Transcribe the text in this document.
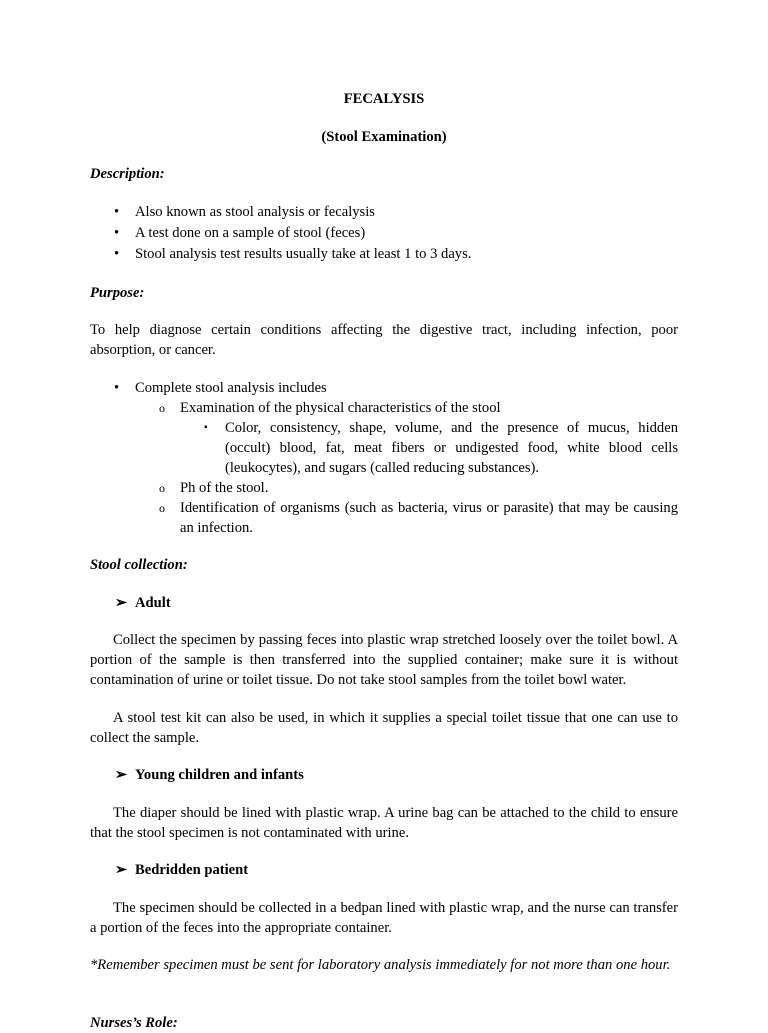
FECALYSIS
(Stool Examination)
Description:
• Also known as stool analysis or fecalysis
• A test done on a sample of stool (feces)
• Stool analysis test results usually take at least 1 to 3 days.
Purpose:
To help diagnose certain conditions affecting the digestive tract, including infection, poor absorption, or cancer.
• Complete stool analysis includes
o Examination of the physical characteristics of the stool
▪ Color, consistency, shape, volume, and the presence of mucus, hidden (occult) blood, fat, meat fibers or undigested food, white blood cells (leukocytes), and sugars (called reducing substances).
o Ph of the stool.
o Identification of organisms (such as bacteria, virus or parasite) that may be causing an infection.
Stool collection:
➢ Adult
Collect the specimen by passing feces into plastic wrap stretched loosely over the toilet bowl. A portion of the sample is then transferred into the supplied container; make sure it is without contamination of urine or toilet tissue. Do not take stool samples from the toilet bowl water.
A stool test kit can also be used, in which it supplies a special toilet tissue that one can use to collect the sample.
➢ Young children and infants
The diaper should be lined with plastic wrap. A urine bag can be attached to the child to ensure that the stool specimen is not contaminated with urine.
➢ Bedridden patient
The specimen should be collected in a bedpan lined with plastic wrap, and the nurse can transfer a portion of the feces into the appropriate container.
*Remember specimen must be sent for laboratory analysis immediately for not more than one hour.
Nurses’s Role:
